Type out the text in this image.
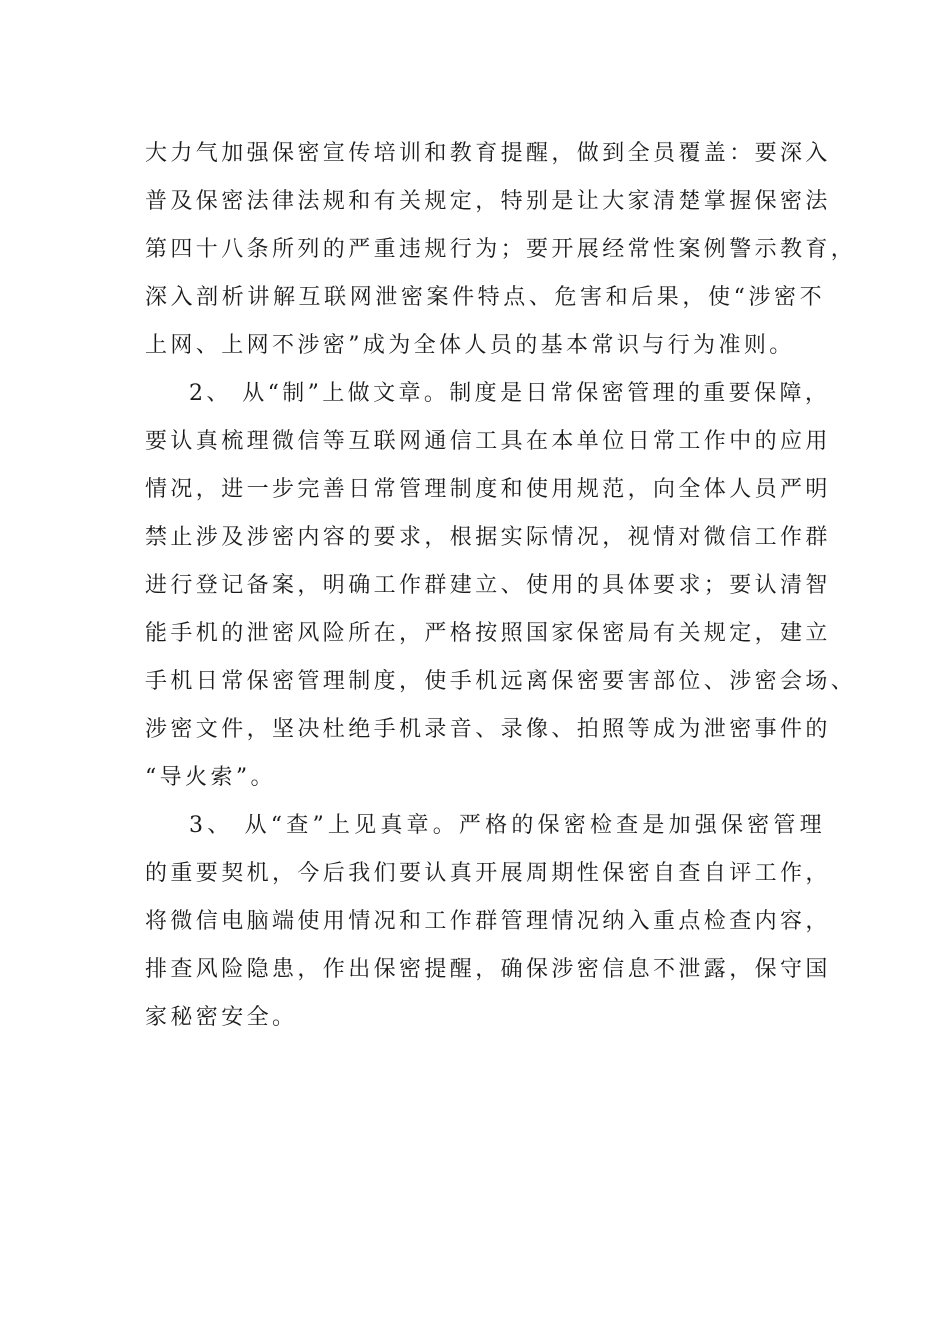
大力气加强保密宣传培训和教育提醒，做到全员覆盖：要深入
普及保密法律法规和有关规定，特别是让大家清楚掌握保密法
第四十八条所列的严重违规行为；要开展经常性案例警示教育，
深入剖析讲解互联网泄密案件特点、危害和后果，使“涉密不
上网、上网不涉密”成为全体人员的基本常识与行为准则。
2、 从“制”上做文章。制度是日常保密管理的重要保障，
要认真梳理微信等互联网通信工具在本单位日常工作中的应用
情况，进一步完善日常管理制度和使用规范，向全体人员严明
禁止涉及涉密内容的要求，根据实际情况，视情对微信工作群
进行登记备案，明确工作群建立、使用的具体要求；要认清智
能手机的泄密风险所在，严格按照国家保密局有关规定，建立
手机日常保密管理制度，使手机远离保密要害部位、涉密会场、
涉密文件，坚决杜绝手机录音、录像、拍照等成为泄密事件的
“导火索”。
3、 从“查”上见真章。严格的保密检查是加强保密管理
的重要契机，今后我们要认真开展周期性保密自查自评工作，
将微信电脑端使用情况和工作群管理情况纳入重点检查内容，
排查风险隐患，作出保密提醒，确保涉密信息不泄露，保守国
家秘密安全。
